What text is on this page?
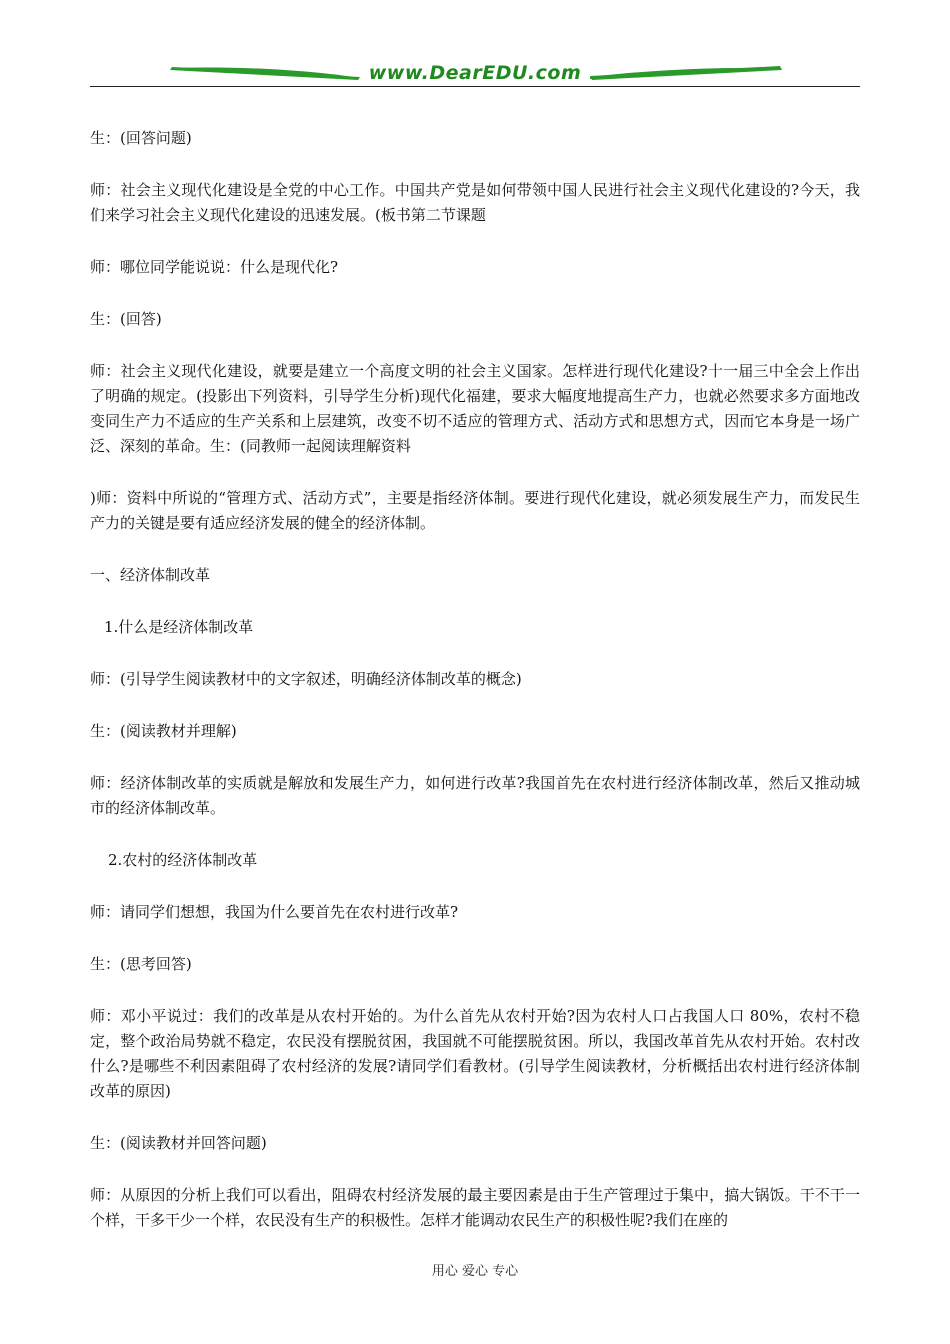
www.DearEDU.com

生：(回答问题)

师：社会主义现代化建设是全党的中心工作。中国共产党是如何带领中国人民进行社会主义现代化建设的?今天，我们来学习社会主义现代化建设的迅速发展。(板书第二节课题

师：哪位同学能说说：什么是现代化?

生：(回答)

师：社会主义现代化建设，就要是建立一个高度文明的社会主义国家。怎样进行现代化建设?十一届三中全会上作出了明确的规定。(投影出下列资料，引导学生分析)现代化福建，要求大幅度地提高生产力，也就必然要求多方面地改变同生产力不适应的生产关系和上层建筑，改变不切不适应的管理方式、活动方式和思想方式，因而它本身是一场广泛、深刻的革命。生：(同教师一起阅读理解资料

)师：资料中所说的“管理方式、活动方式”，主要是指经济体制。要进行现代化建设，就必须发展生产力，而发民生产力的关键是要有适应经济发展的健全的经济体制。

一、经济体制改革

1.什么是经济体制改革

师：(引导学生阅读教材中的文字叙述，明确经济体制改革的概念)

生：(阅读教材并理解)

师：经济体制改革的实质就是解放和发展生产力，如何进行改革?我国首先在农村进行经济体制改革，然后又推动城市的经济体制改革。

2.农村的经济体制改革

师：请同学们想想，我国为什么要首先在农村进行改革?

生：(思考回答)

师：邓小平说过：我们的改革是从农村开始的。为什么首先从农村开始?因为农村人口占我国人口 80%，农村不稳定，整个政治局势就不稳定，农民没有摆脱贫困，我国就不可能摆脱贫困。所以，我国改革首先从农村开始。农村改什么?是哪些不利因素阻碍了农村经济的发展?请同学们看教材。(引导学生阅读教材，分析概括出农村进行经济体制改革的原因)

生：(阅读教材并回答问题)

师：从原因的分析上我们可以看出，阻碍农村经济发展的最主要因素是由于生产管理过于集中，搞大锅饭。干不干一个样，干多干少一个样，农民没有生产的积极性。怎样才能调动农民生产的积极性呢?我们在座的

用心 爱心 专心
